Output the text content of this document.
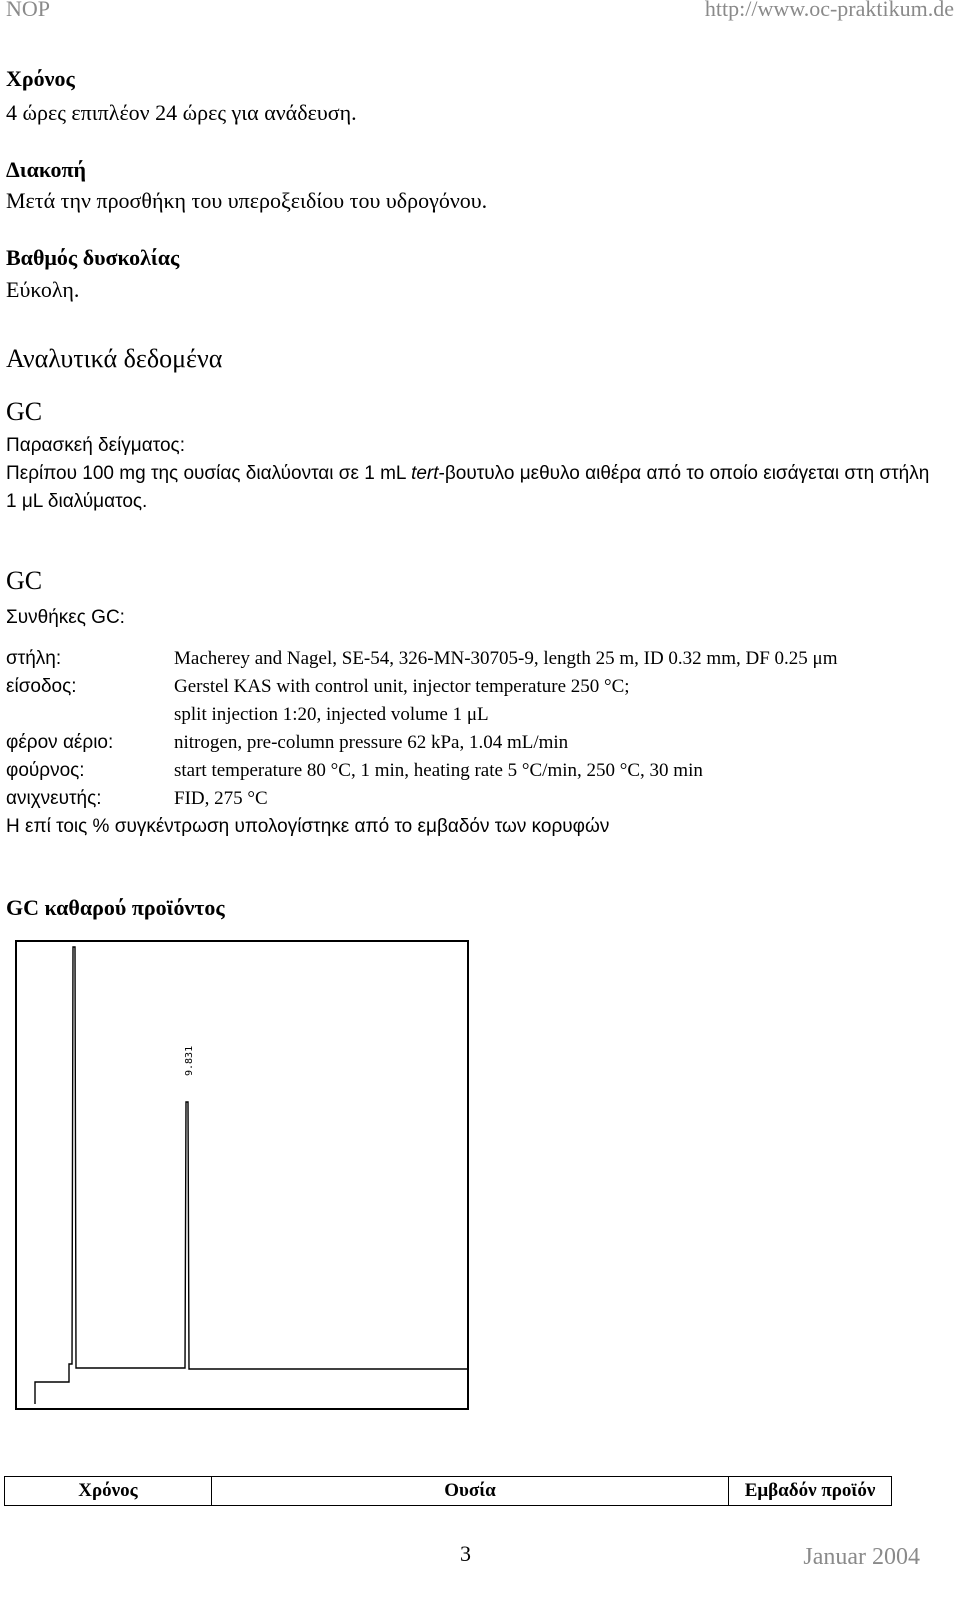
NOP	http://www.oc-praktikum.de
Χρόνος
4 ώρες επιπλέον 24 ώρες για ανάδευση.
Διακοπή
Μετά την προσθήκη του υπεροξειδίου του υδρογόνου.
Βαθμός δυσκολίας
Εύκολη.
Αναλυτικά δεδομένα
GC
Παρασκεή δείγματος:
Περίπου 100 mg της ουσίας διαλύονται σε 1 mL tert-βουτυλο μεθυλο αιθέρα από το οποίο εισάγεται στη στήλη
1 μL διαλύματος.
GC
Συνθήκες GC:
στήλη:	Macherey and Nagel, SE-54, 326-MN-30705-9, length 25 m, ID 0.32 mm, DF 0.25 μm
είσοδος:	Gerstel KAS with control unit, injector temperature 250 °C;
split injection 1:20, injected volume 1 μL
φέρον αέριο:	nitrogen, pre-column pressure 62 kPa, 1.04 mL/min
φούρνος:	start temperature 80 °C, 1 min, heating rate 5 °C/min, 250 °C, 30 min
ανιχνευτής:	FID, 275 °C
Η επί τοις % συγκέντρωση υπολογίστηκε από το εμβαδόν των κορυφών
GC καθαρού προϊόντος
9.831
Χρόνος	Ουσία	Εμβαδόν προϊόν
3	Januar 2004
